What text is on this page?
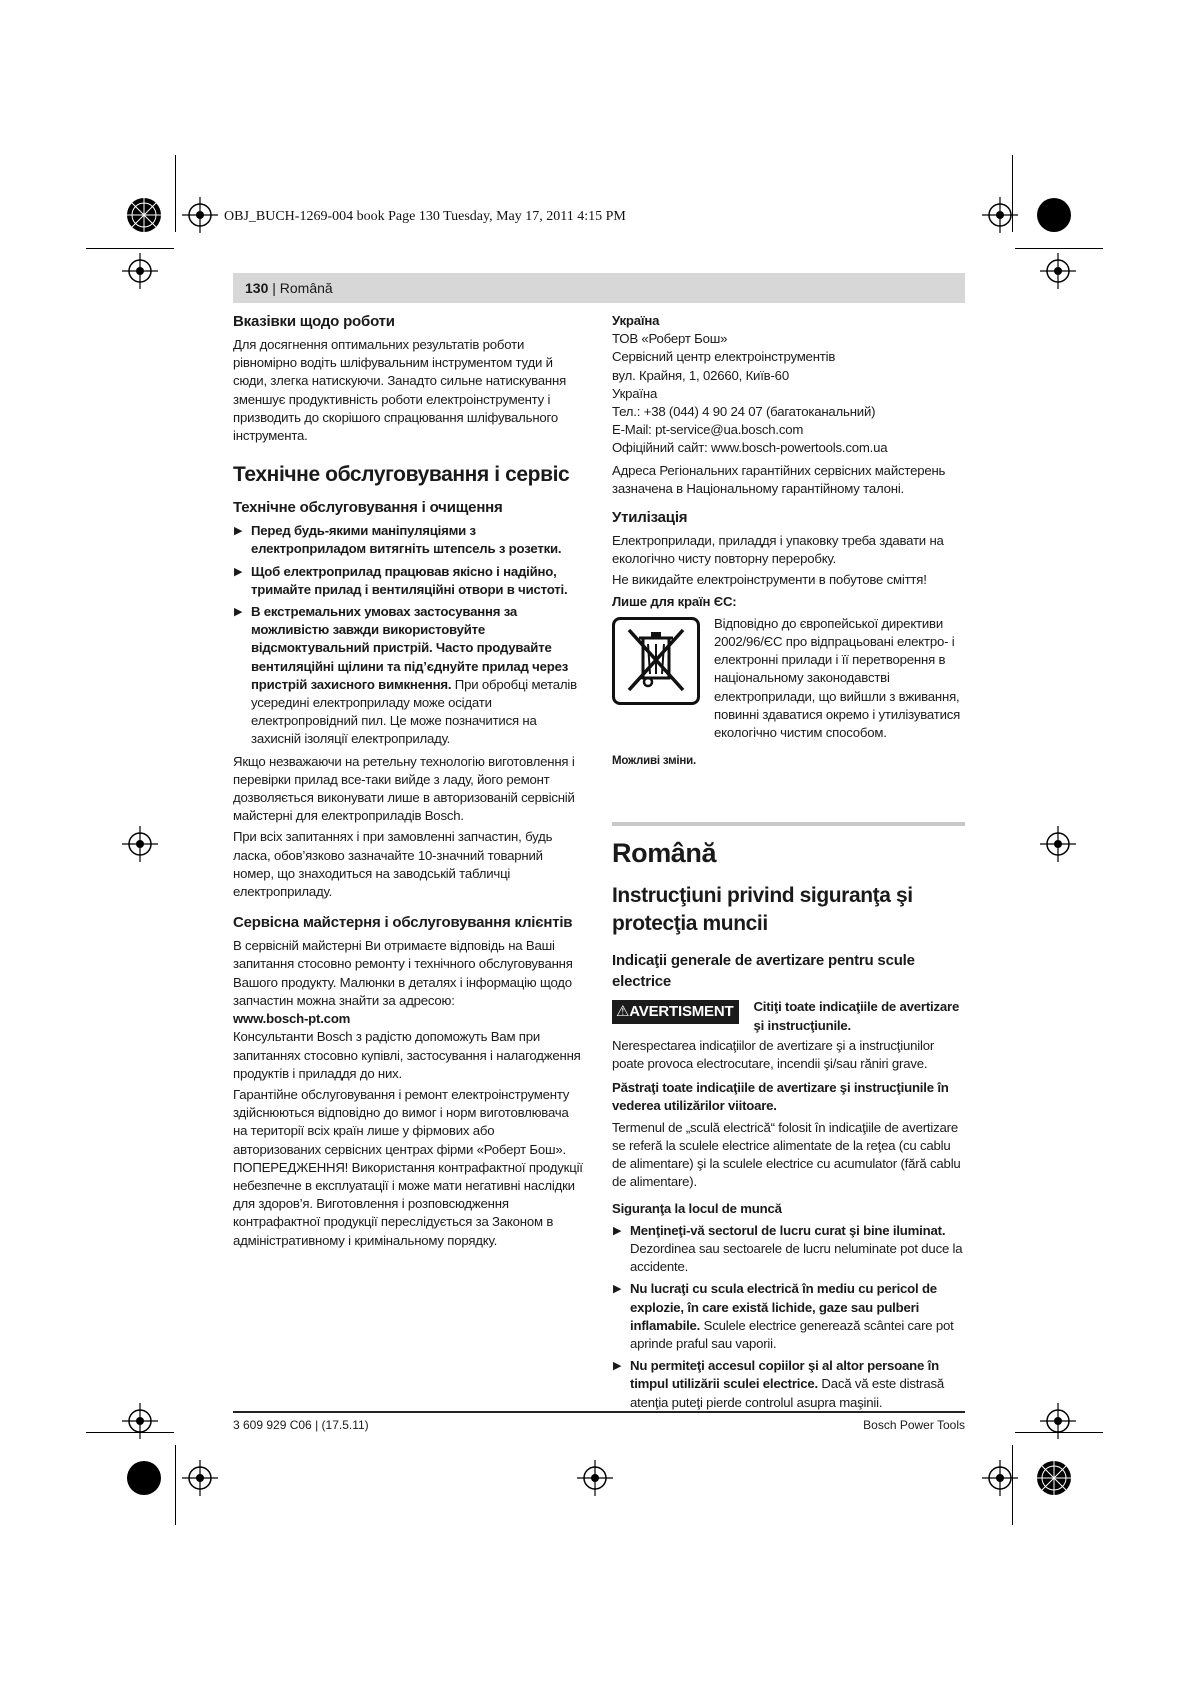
OBJ_BUCH-1269-004 book Page 130 Tuesday, May 17, 2011 4:15 PM
130 | Română
Вказівки щодо роботи

Для досягнення оптимальних результатів роботи рівномірно водіть шліфувальним інструментом туди й сюди, злегка натискуючи. Занадто сильне натискування зменшує продуктивність роботи електроінструменту і призводить до скорішого спрацювання шліфувального інструмента.

Технічне обслуговування і сервіс
Технічне обслуговування і очищення
▶ Перед будь-якими маніпуляціями з електроприладом витягніть штепсель з розетки.
▶ Щоб електроприлад працював якісно і надійно, тримайте прилад і вентиляційні отвори в чистоті.
▶ В екстремальних умовах застосування за можливістю завжди використовуйте відсмоктувальний пристрій. Часто продувайте вентиляційні щілини та під’єднуйте прилад через пристрій захисного вимкнення. При обробці металів усередині електроприладу може осідати електропровідний пил. Це може позначитися на захисній ізоляції електроприладу.

Якщо незважаючи на ретельну технологію виготовлення і перевірки прилад все-таки вийде з ладу, його ремонт дозволяється виконувати лише в авторизованій сервісній майстерні для електроприладів Bosch.

При всіх запитаннях і при замовленні запчастин, будь ласка, обов’язково зазначайте 10-значний товарний номер, що знаходиться на заводській табличці електроприладу.

Сервісна майстерня і обслуговування клієнтів

В сервісній майстерні Ви отримаєте відповідь на Ваші запитання стосовно ремонту і технічного обслуговування Вашого продукту. Малюнки в деталях і інформацію щодо запчастин можна знайти за адресою:
www.bosch-pt.com

Консультанти Bosch з радістю допоможуть Вам при запитаннях стосовно купівлі, застосування і налагодження продуктів і приладдя до них.

Гарантійне обслуговування і ремонт електроінструменту здійснюються відповідно до вимог і норм виготовлювача на території всіх країн лише у фірмових або авторизованих сервісних центрах фірми «Роберт Бош».

ПОПЕРЕДЖЕННЯ! Використання контрафактної продукції небезпечне в експлуатації і може мати негативні наслідки для здоров’я. Виготовлення і розповсюдження контрафактної продукції переслідується за Законом в адміністративному і кримінальному порядку.

Україна
ТОВ «Роберт Бош»
Сервісний центр електроінструментів
вул. Крайня, 1, 02660, Київ-60
Україна
Тел.: +38 (044) 4 90 24 07 (багатоканальний)
E-Mail: pt-service@ua.bosch.com
Офіційний сайт: www.bosch-powertools.com.ua

Адреса Регіональних гарантійних сервісних майстерень зазначена в Національному гарантійному талоні.

Утилізація

Електроприлади, приладдя і упаковку треба здавати на екологічно чисту повторну переробку.

Не викидайте електроінструменти в побутове сміття!

Лише для країн ЄС:
Відповідно до європейської директиви 2002/96/ЄС про відпрацьовані електро- і електронні прилади і її перетворення в національному законодавстві електроприлади, що вийшли з вживання, повинні здаватися окремо і утилізуватися екологічно чистим способом.
Можливі зміни.
Română
Instrucţiuni privind siguranţa şi protecţia muncii
Indicaţii generale de avertizare pentru scule electrice
⚠AVERTISMENT	Citiţi toate indicaţiile de avertizare şi instrucţiunile.

Nerespectarea indicaţiilor de avertizare şi a instrucţiunilor poate provoca electrocutare, incendii şi/sau răniri grave.

Păstraţi toate indicaţiile de avertizare şi instrucţiunile în vederea utilizărilor viitoare.

Termenul de „sculă electrică“ folosit în indicaţiile de avertizare se referă la sculele electrice alimentate de la reţea (cu cablu de alimentare) şi la sculele electrice cu acumulator (fără cablu de alimentare).

Siguranţa la locul de muncă
▶ Menţineţi-vă sectorul de lucru curat şi bine iluminat. Dezordinea sau sectoarele de lucru neluminate pot duce la accidente.
▶ Nu lucraţi cu scula electrică în mediu cu pericol de explozie, în care există lichide, gaze sau pulberi inflamabile. Sculele electrice generează scântei care pot aprinde praful sau vaporii.
▶ Nu permiteţi accesul copiilor şi al altor persoane în timpul utilizării sculei electrice. Dacă vă este distrasă atenţia puteţi pierde controlul asupra maşinii.
3 609 929 C06 | (17.5.11)	Bosch Power Tools
